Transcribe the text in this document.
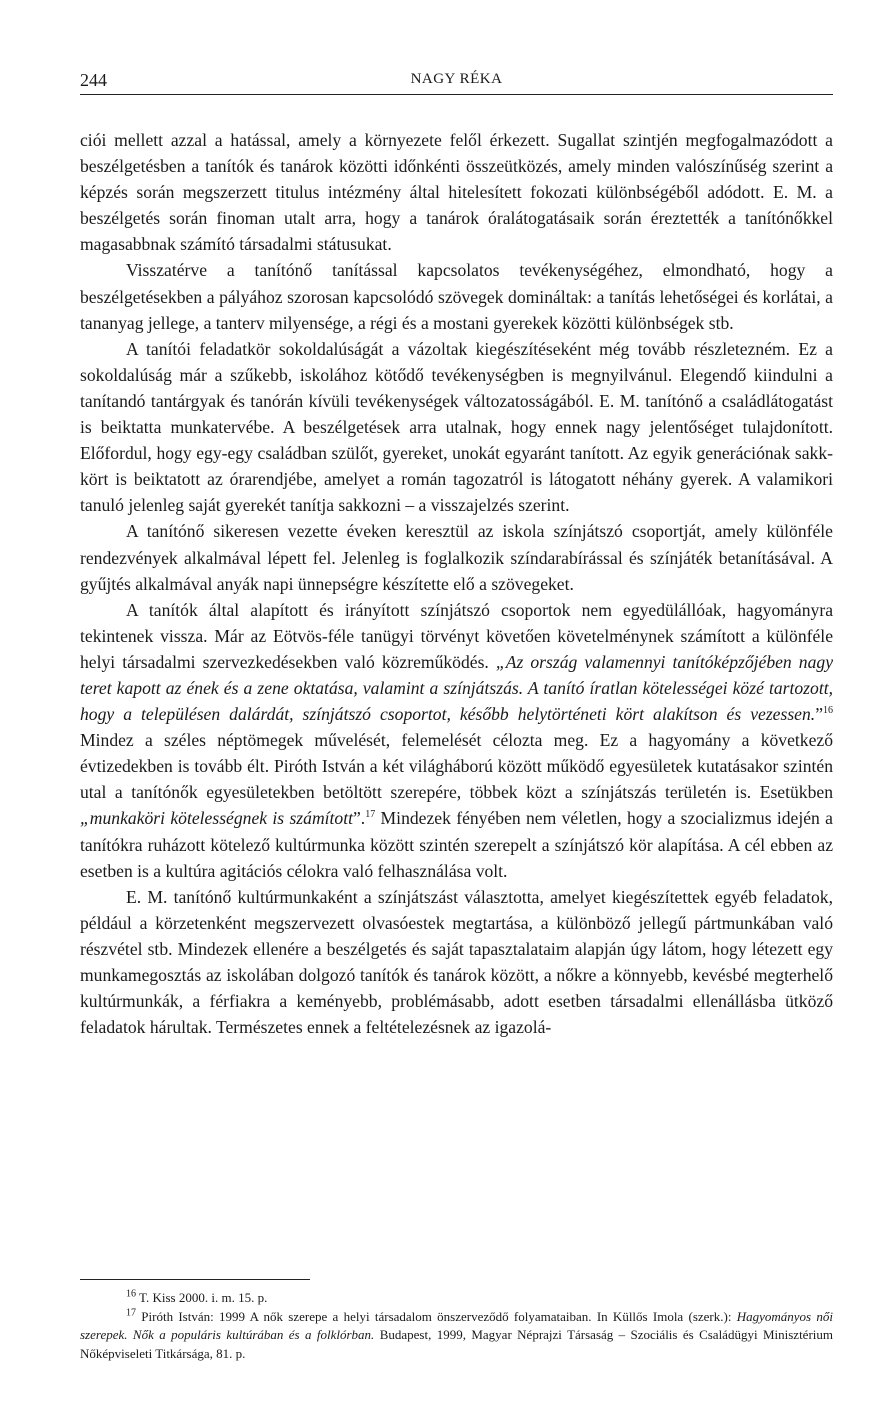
244	NAGY RÉKA

ciói mellett azzal a hatással, amely a környezete felől érkezett. Sugallat szintjén megfogalmazódott a beszélgetésben a tanítók és tanárok közötti időnkénti összeütközés, amely minden valószínűség szerint a képzés során megszerzett titulus intézmény által hitelesített fokozati különbségéből adódott. E. M. a beszélgetés során finoman utalt arra, hogy a tanárok óralátogatásaik során éreztették a tanítónőkkel magasabbnak számító társadalmi státusukat.

Visszatérve a tanítónő tanítással kapcsolatos tevékenységéhez, elmondható, hogy a beszélgetésekben a pályához szorosan kapcsolódó szövegek domináltak: a tanítás lehetőségei és korlátai, a tananyag jellege, a tanterv milyensége, a régi és a mostani gyerekek közötti különbségek stb.

A tanítói feladatkör sokoldalúságát a vázoltak kiegészítéseként még tovább részletezném. Ez a sokoldalúság már a szűkebb, iskolához kötődő tevékenységben is megnyilvánul. Elegendő kiindulni a tanítandó tantárgyak és tanórán kívüli tevékenységek változatosságából. E. M. tanítónő a családlátogatást is beiktatta munkatervébe. A beszélgetések arra utalnak, hogy ennek nagy jelentőséget tulajdonított. Előfordul, hogy egy-egy családban szülőt, gyereket, unokát egyaránt tanított. Az egyik generációnak sakk-kört is beiktatott az órarendjébe, amelyet a román tagozatról is látogatott néhány gyerek. A valamikori tanuló jelenleg saját gyerekét tanítja sakkozni – a visszajelzés szerint.

A tanítónő sikeresen vezette éveken keresztül az iskola színjátszó csoportját, amely különféle rendezvények alkalmával lépett fel. Jelenleg is foglalkozik színdarabírással és színjáték betanításával. A gyűjtés alkalmával anyák napi ünnepségre készítette elő a szövegeket.

A tanítók által alapított és irányított színjátszó csoportok nem egyedülállóak, hagyományra tekintenek vissza. Már az Eötvös-féle tanügyi törvényt követően követelménynek számított a különféle helyi társadalmi szervezkedésekben való közreműködés. „Az ország valamennyi tanítóképzőjében nagy teret kapott az ének és a zene oktatása, valamint a színjátszás. A tanító íratlan kötelességei közé tartozott, hogy a településen dalárdát, színjátszó csoportot, később helytörténeti kört alakítson és vezessen.”$^{16}$ Mindez a széles néptömegek művelését, felemelését célozta meg. Ez a hagyomány a következő évtizedekben is tovább élt. Piróth István a két világháború között működő egyesületek kutatásakor szintén utal a tanítónők egyesületekben betöltött szerepére, többek közt a színjátszás területén is. Esetükben „munkaköri kötelességnek is számított”.$^{17}$ Mindezek fényében nem véletlen, hogy a szocializmus idején a tanítókra ruházott kötelező kultúrmunka között szintén szerepelt a színjátszó kör alapítása. A cél ebben az esetben is a kultúra agitációs célokra való felhasználása volt.

E. M. tanítónő kultúrmunkaként a színjátszást választotta, amelyet kiegészítettek egyéb feladatok, például a körzetenként megszervezett olvasóestek megtartása, a különböző jellegű pártmunkában való részvétel stb. Mindezek ellenére a beszélgetés és saját tapasztalataim alapján úgy látom, hogy létezett egy munkamegosztás az iskolában dolgozó tanítók és tanárok között, a nőkre a könnyebb, kevésbé megterhelő kultúrmunkák, a férfiakra a keményebb, problémásabb, adott esetben társadalmi ellenállásba ütköző feladatok hárultak. Természetes ennek a feltételezésnek az igazolá-

$^{16}$ T. Kiss 2000. i. m. 15. p.

$^{17}$ Piróth István: 1999 A nők szerepe a helyi társadalom önszerveződő folyamataiban. In Küllős Imola (szerk.): Hagyományos női szerepek. Nők a populáris kultúrában és a folklórban. Budapest, 1999, Magyar Néprajzi Társaság – Szociális és Családügyi Minisztérium Nőképviseleti Titkársága, 81. p.
